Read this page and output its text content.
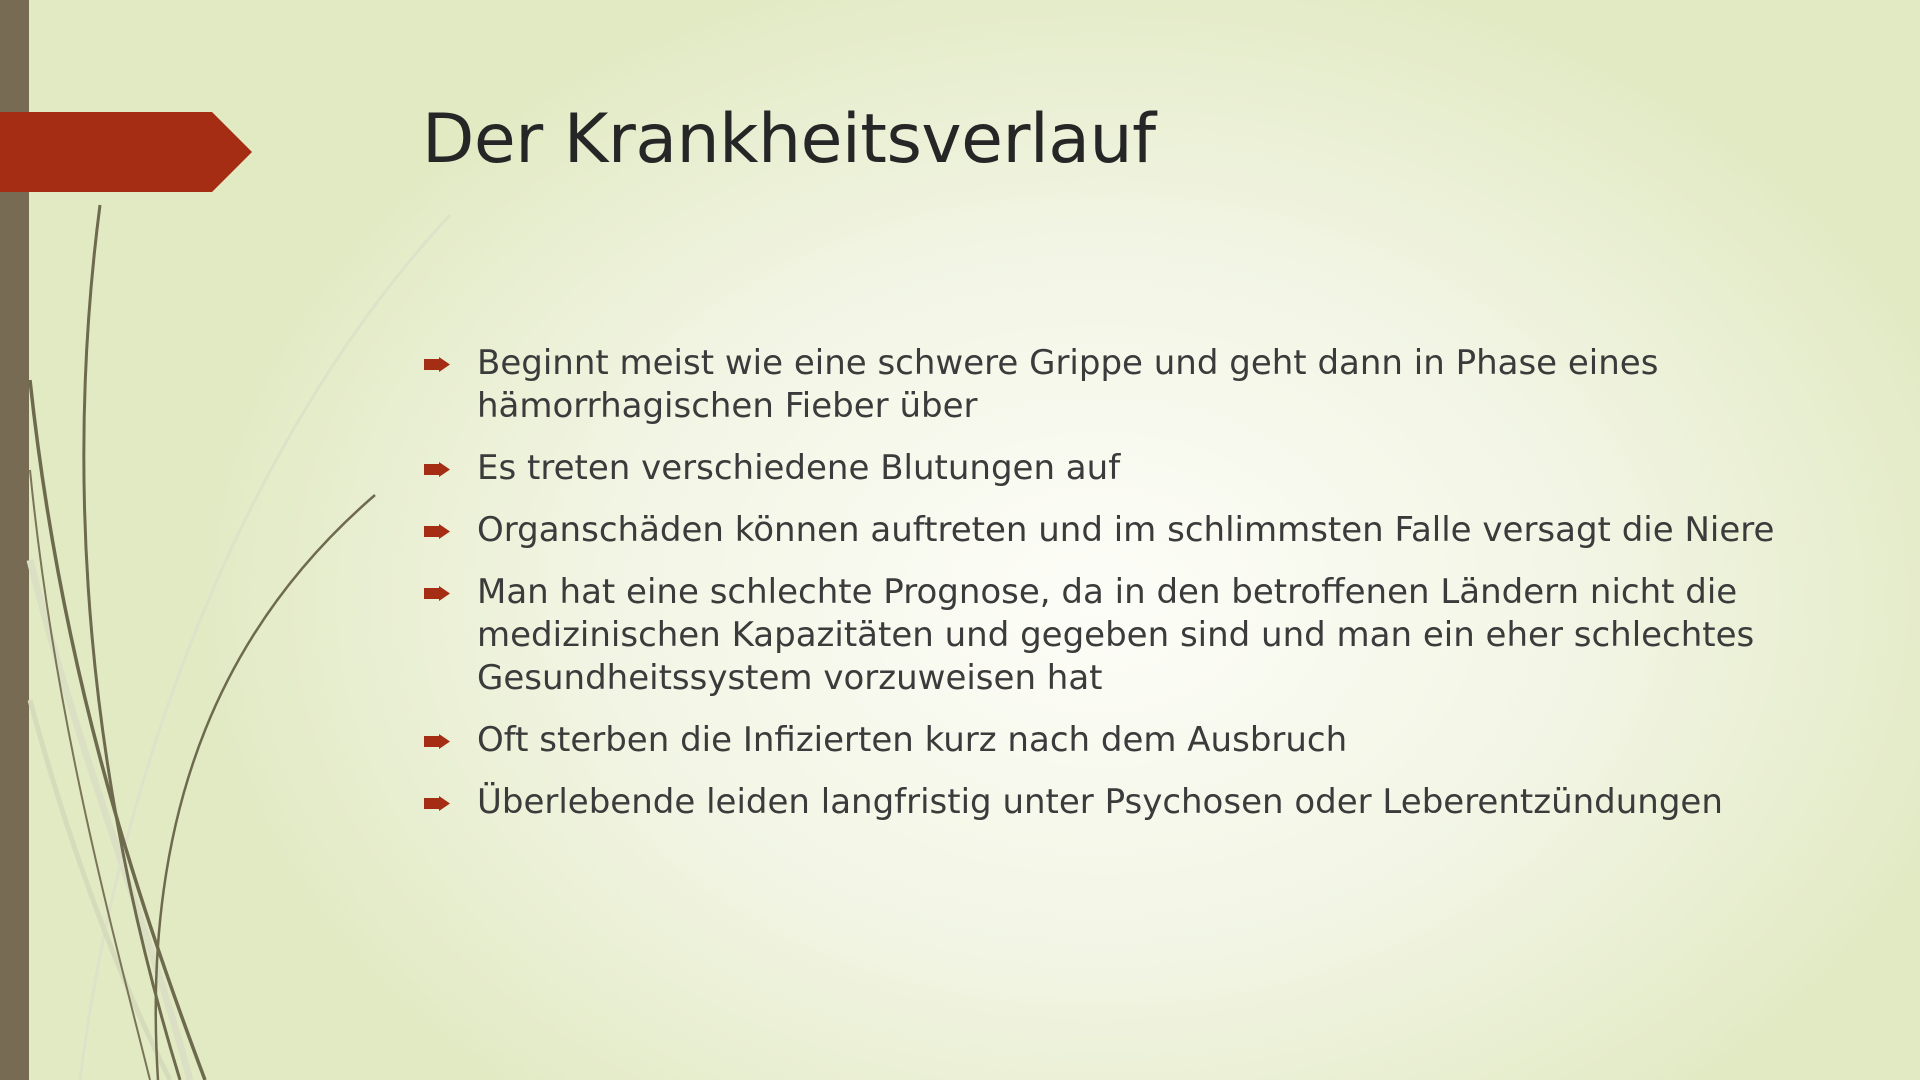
Der Krankheitsverlauf
Beginnt meist wie eine schwere Grippe und geht dann in Phase eines hämorrhagischen Fieber über
Es treten verschiedene Blutungen auf
Organschäden können auftreten und im schlimmsten Falle versagt die Niere
Man hat eine schlechte Prognose, da in den betroffenen Ländern nicht die medizinischen Kapazitäten und gegeben sind und man ein eher schlechtes Gesundheitssystem vorzuweisen hat
Oft sterben die Infizierten kurz nach dem Ausbruch
Überlebende leiden langfristig unter Psychosen oder Leberentzündungen
